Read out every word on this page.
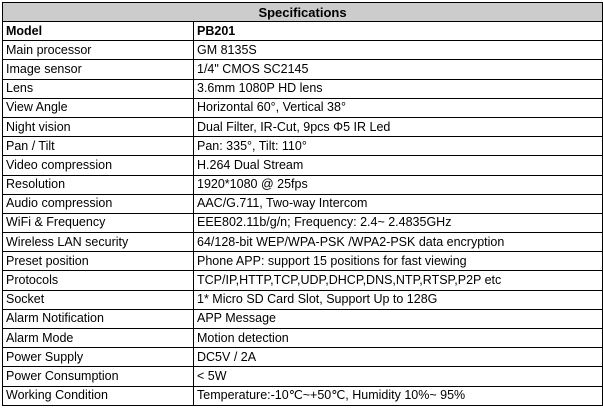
Specifications	
Model	PB201
Main processor	GM 8135S
Image sensor	1/4" CMOS SC2145
Lens	3.6mm 1080P HD lens
View Angle	Horizontal 60°, Vertical 38°
Night vision	Dual Filter, IR-Cut, 9pcs Φ5 IR Led
Pan / Tilt	Pan: 335°, Tilt: 110°
Video compression	H.264 Dual Stream
Resolution	1920*1080 @ 25fps
Audio compression	AAC/G.711, Two-way Intercom
WiFi & Frequency	EEE802.11b/g/n; Frequency: 2.4~ 2.4835GHz
Wireless LAN security	64/128-bit WEP/WPA-PSK /WPA2-PSK data encryption
Preset position	Phone APP: support 15 positions for fast viewing
Protocols	TCP/IP,HTTP,TCP,UDP,DHCP,DNS,NTP,RTSP,P2P etc
Socket	1* Micro SD Card Slot, Support Up to 128G
Alarm Notification	APP Message
Alarm Mode	Motion detection
Power Supply	DC5V / 2A
Power Consumption	< 5W
Working Condition	Temperature:-10℃~+50℃, Humidity 10%~ 95%
